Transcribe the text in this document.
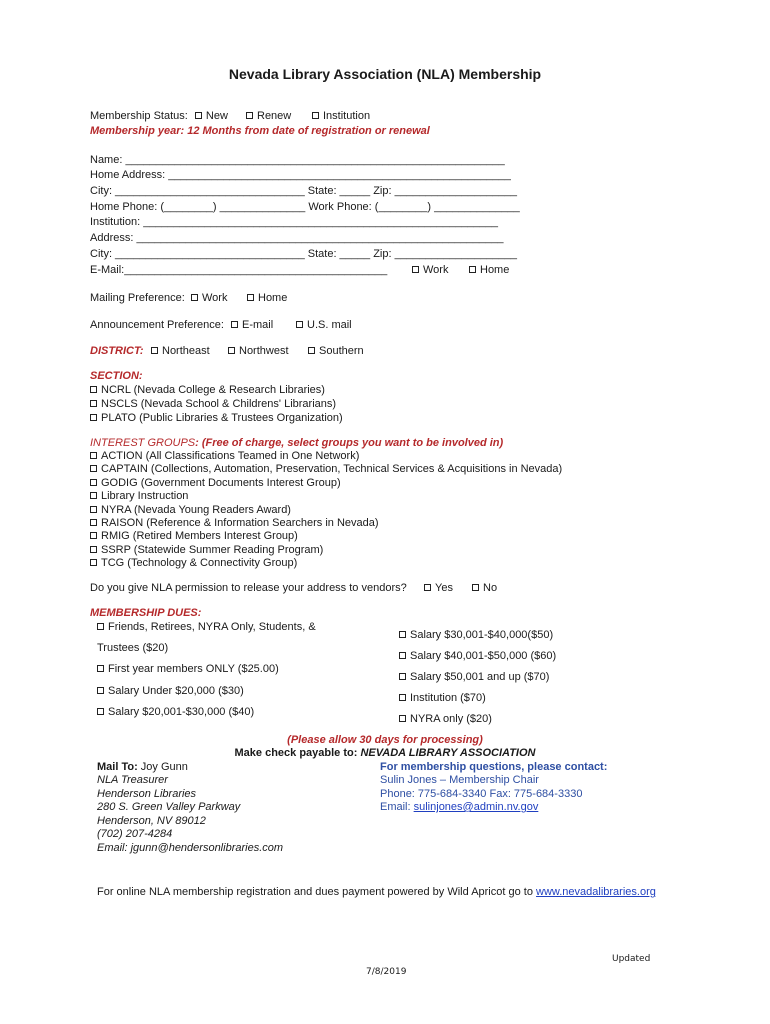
Nevada Library Association (NLA) Membership
Membership Status: New	Renew	Institution
Membership year: 12 Months from date of registration or renewal
Name: ______________________________________________________________
Home Address: ________________________________________________________
City: _______________________________ State: _____ Zip: ____________________
Home Phone: (________) ______________ Work Phone: (________) ______________
Institution: __________________________________________________________
Address: ____________________________________________________________
City: _______________________________ State: _____ Zip: ____________________
E-Mail:___________________________________________	Work	Home
Mailing Preference:	Work	Home
Announcement Preference:	E-mail	U.S. mail
DISTRICT:	Northeast	Northwest	Southern
SECTION:
NCRL (Nevada College & Research Libraries)
NSCLS (Nevada School & Childrens' Librarians)
PLATO (Public Libraries & Trustees Organization)
INTEREST GROUPS: (Free of charge, select groups you want to be involved in)
ACTION (All Classifications Teamed in One Network)
CAPTAIN (Collections, Automation, Preservation, Technical Services & Acquisitions in Nevada)
GODIG (Government Documents Interest Group)
Library Instruction
NYRA (Nevada Young Readers Award)
RAISON (Reference & Information Searchers in Nevada)
RMIG (Retired Members Interest Group)
SSRP (Statewide Summer Reading Program)
TCG (Technology & Connectivity Group)
Do you give NLA permission to release your address to vendors?	Yes	No
MEMBERSHIP DUES:
Friends, Retirees, NYRA Only, Students, &
Trustees ($20)
First year members ONLY ($25.00)
Salary Under $20,000 ($30)
Salary $20,001-$30,000 ($40)
Salary $30,001-$40,000($50)
Salary $40,001-$50,000 ($60)
Salary $50,001 and up ($70)
Institution ($70)
NYRA only ($20)
(Please allow 30 days for processing)
Make check payable to: NEVADA LIBRARY ASSOCIATION
Mail To: Joy Gunn
NLA Treasurer
Henderson Libraries
280 S. Green Valley Parkway
Henderson, NV 89012
(702) 207-4284
Email: jgunn@hendersonlibraries.com
For membership questions, please contact:
Sulin Jones – Membership Chair
Phone: 775-684-3340 Fax: 775-684-3330
Email: sulinjones@admin.nv.gov
For online NLA membership registration and dues payment powered by Wild Apricot go to www.nevadalibraries.org
Updated
7/8/2019
